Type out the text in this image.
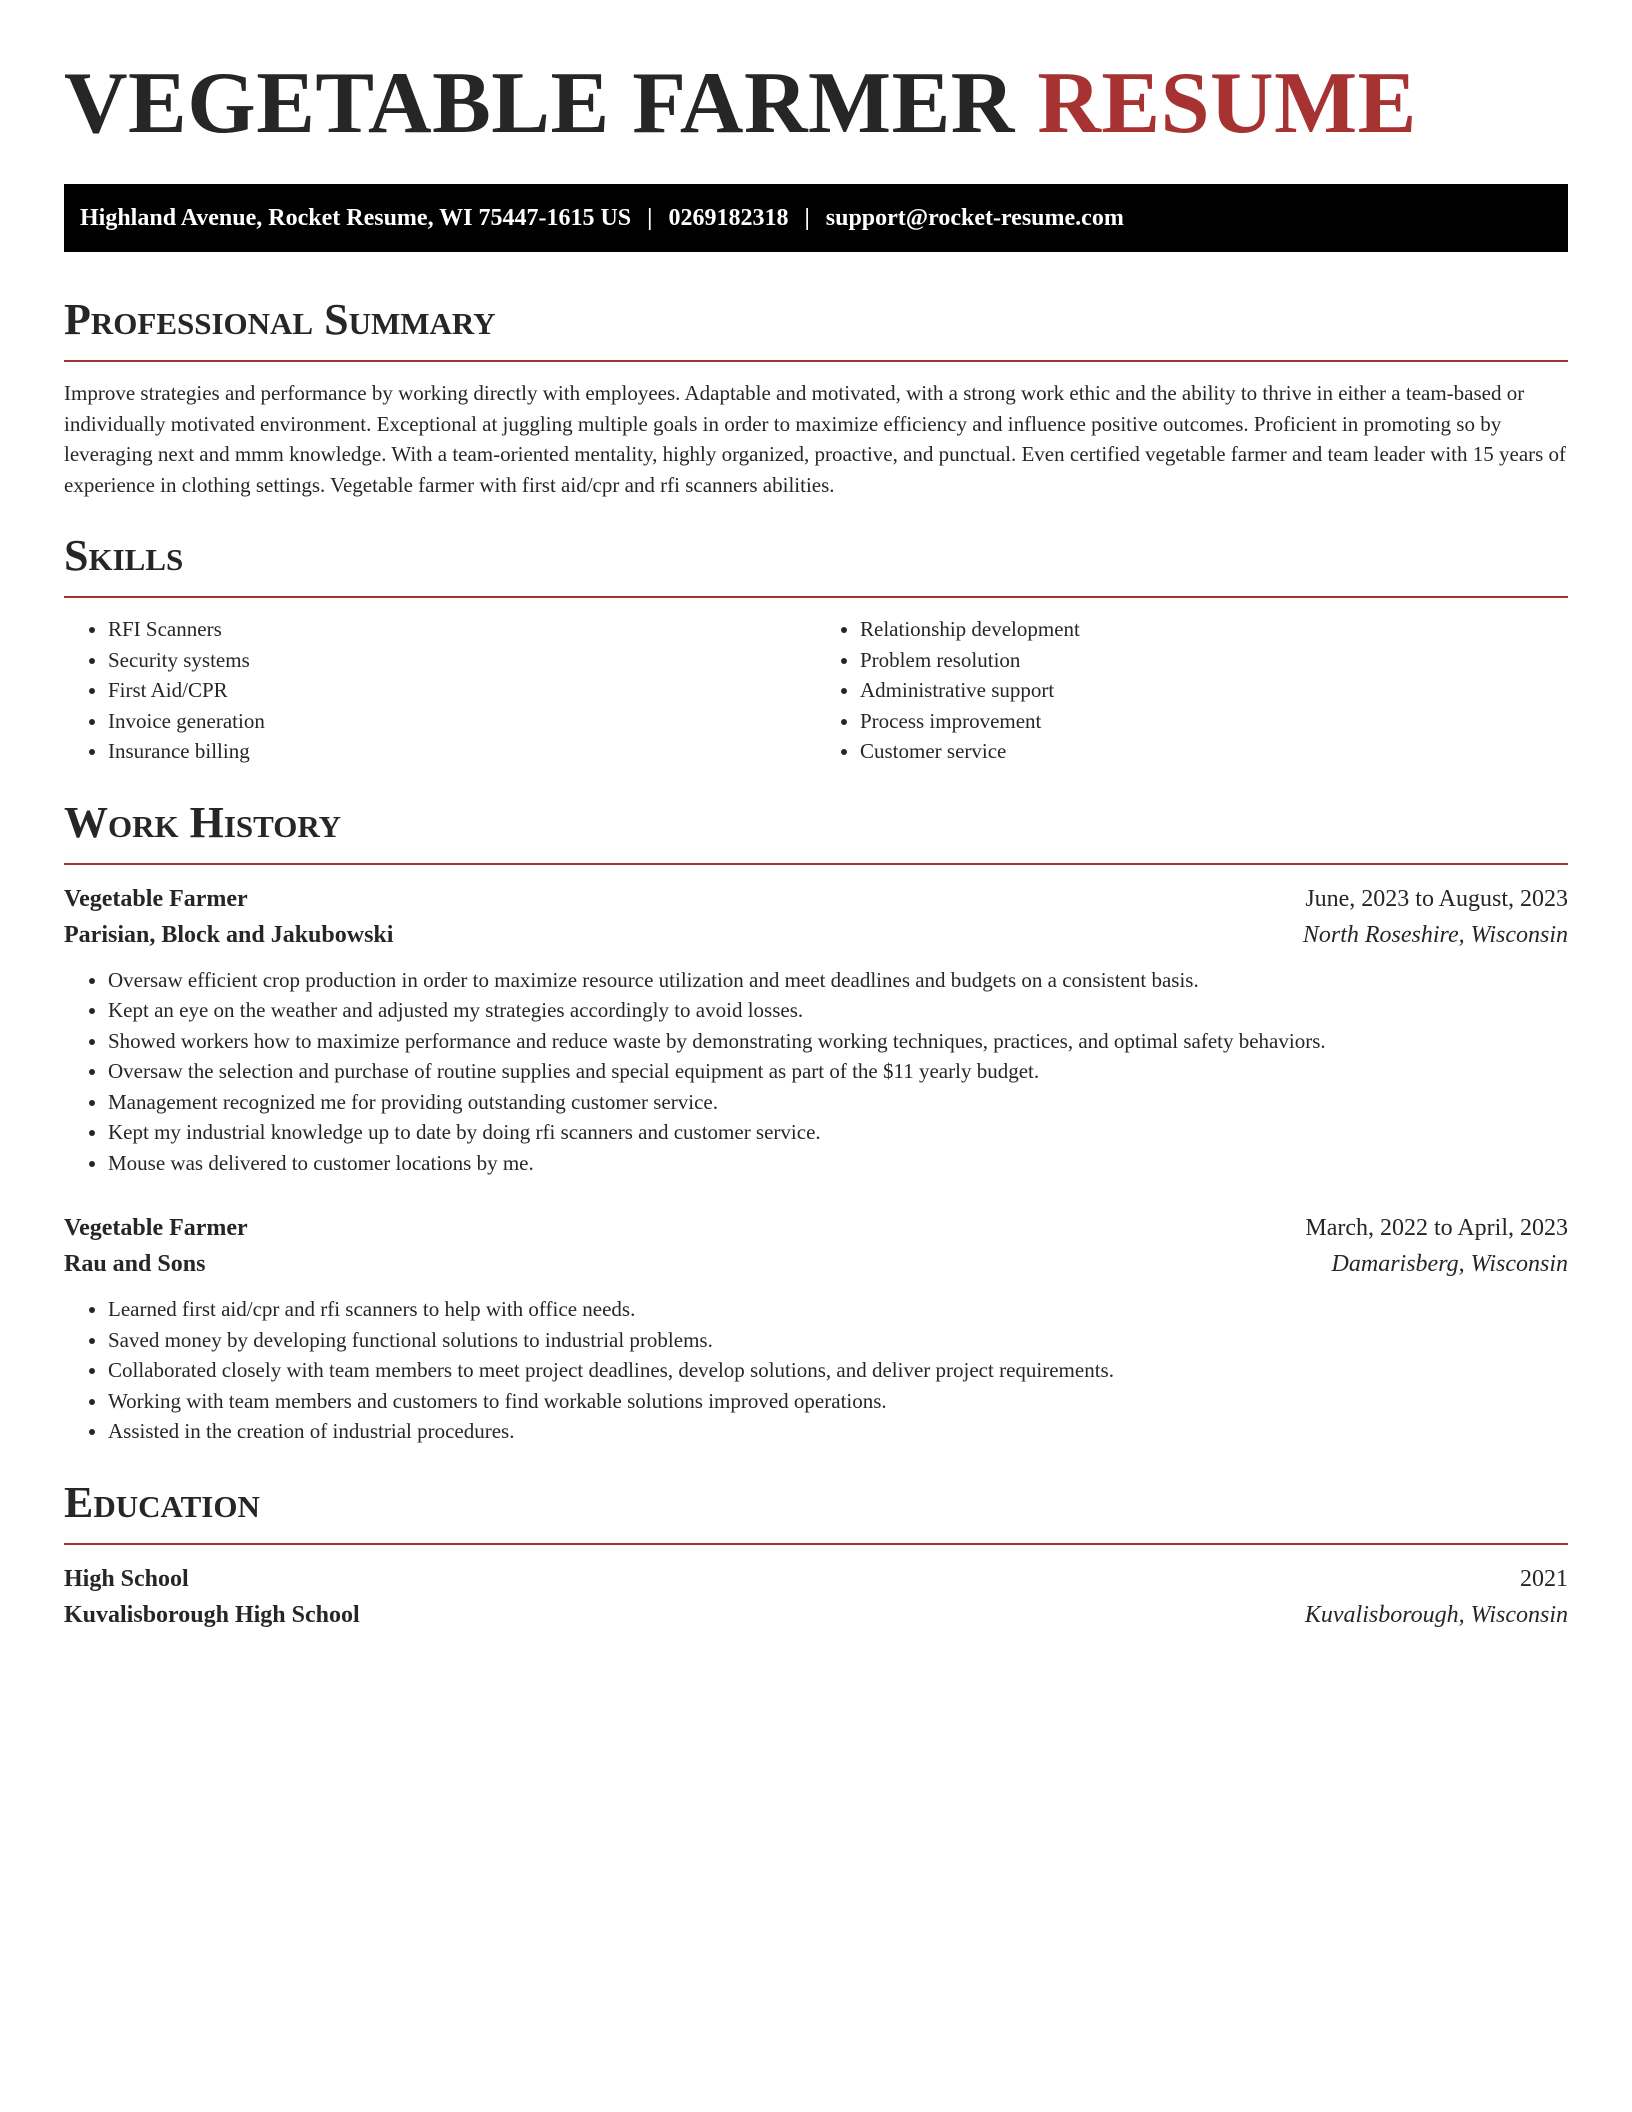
VEGETABLE FARMER RESUME
Highland Avenue, Rocket Resume, WI 75447-1615 US | 0269182318 | support@rocket-resume.com
Professional Summary

Improve strategies and performance by working directly with employees. Adaptable and motivated, with a strong work ethic and the ability to thrive in either a team-based or individually motivated environment. Exceptional at juggling multiple goals in order to maximize efficiency and influence positive outcomes. Proficient in promoting so by leveraging next and mmm knowledge. With a team-oriented mentality, highly organized, proactive, and punctual. Even certified vegetable farmer and team leader with 15 years of experience in clothing settings. Vegetable farmer with first aid/cpr and rfi scanners abilities.

Skills
• RFI Scanners
• Security systems
• First Aid/CPR
• Invoice generation
• Insurance billing
• Relationship development
• Problem resolution
• Administrative support
• Process improvement
• Customer service
Work History
Vegetable Farmer	June, 2023 to August, 2023
Parisian, Block and Jakubowski	North Roseshire, Wisconsin
• Oversaw efficient crop production in order to maximize resource utilization and meet deadlines and budgets on a consistent basis.
• Kept an eye on the weather and adjusted my strategies accordingly to avoid losses.
• Showed workers how to maximize performance and reduce waste by demonstrating working techniques, practices, and optimal safety behaviors.
• Oversaw the selection and purchase of routine supplies and special equipment as part of the $11 yearly budget.
• Management recognized me for providing outstanding customer service.
• Kept my industrial knowledge up to date by doing rfi scanners and customer service.
• Mouse was delivered to customer locations by me.
Vegetable Farmer	March, 2022 to April, 2023
Rau and Sons	Damarisberg, Wisconsin
• Learned first aid/cpr and rfi scanners to help with office needs.
• Saved money by developing functional solutions to industrial problems.
• Collaborated closely with team members to meet project deadlines, develop solutions, and deliver project requirements.
• Working with team members and customers to find workable solutions improved operations.
• Assisted in the creation of industrial procedures.
Education
High School	2021
Kuvalisborough High School	Kuvalisborough, Wisconsin
